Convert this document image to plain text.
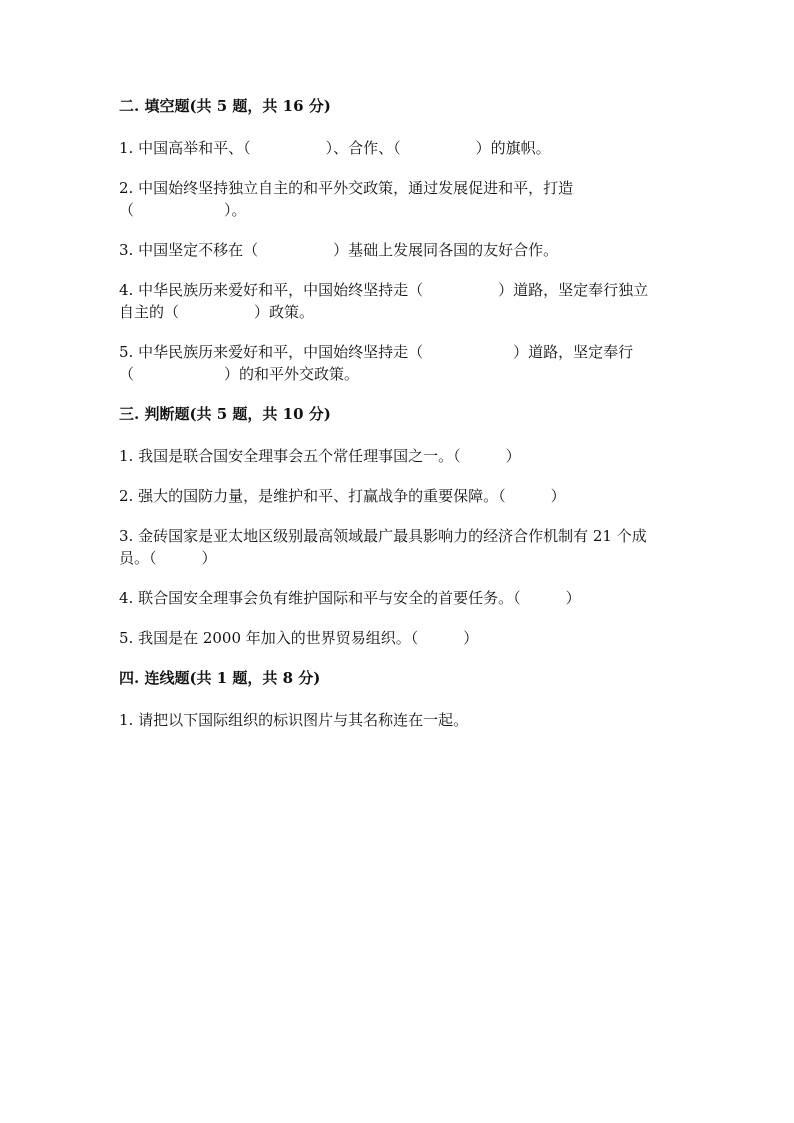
二. 填空题(共 5 题，共 16 分)
1. 中国高举和平、（　　　　　）、合作、（　　　　　）的旗帜。
2. 中国始终坚持独立自主的和平外交政策，通过发展促进和平，打造
（　　　　　　）。
3. 中国坚定不移在（　　　　　）基础上发展同各国的友好合作。
4. 中华民族历来爱好和平，中国始终坚持走（　　　　　）道路，坚定奉行独立
自主的（　　　　　）政策。
5. 中华民族历来爱好和平，中国始终坚持走（　　　　　　）道路，坚定奉行
（　　　　　　）的和平外交政策。
三. 判断题(共 5 题，共 10 分)
1. 我国是联合国安全理事会五个常任理事国之一。（　　　）
2. 强大的国防力量，是维护和平、打赢战争的重要保障。（　　　）
3. 金砖国家是亚太地区级别最高领域最广最具影响力的经济合作机制有 21 个成
员。（　　　）
4. 联合国安全理事会负有维护国际和平与安全的首要任务。（　　　）
5. 我国是在 2000 年加入的世界贸易组织。（　　　）
四. 连线题(共 1 题，共 8 分)
1. 请把以下国际组织的标识图片与其名称连在一起。
